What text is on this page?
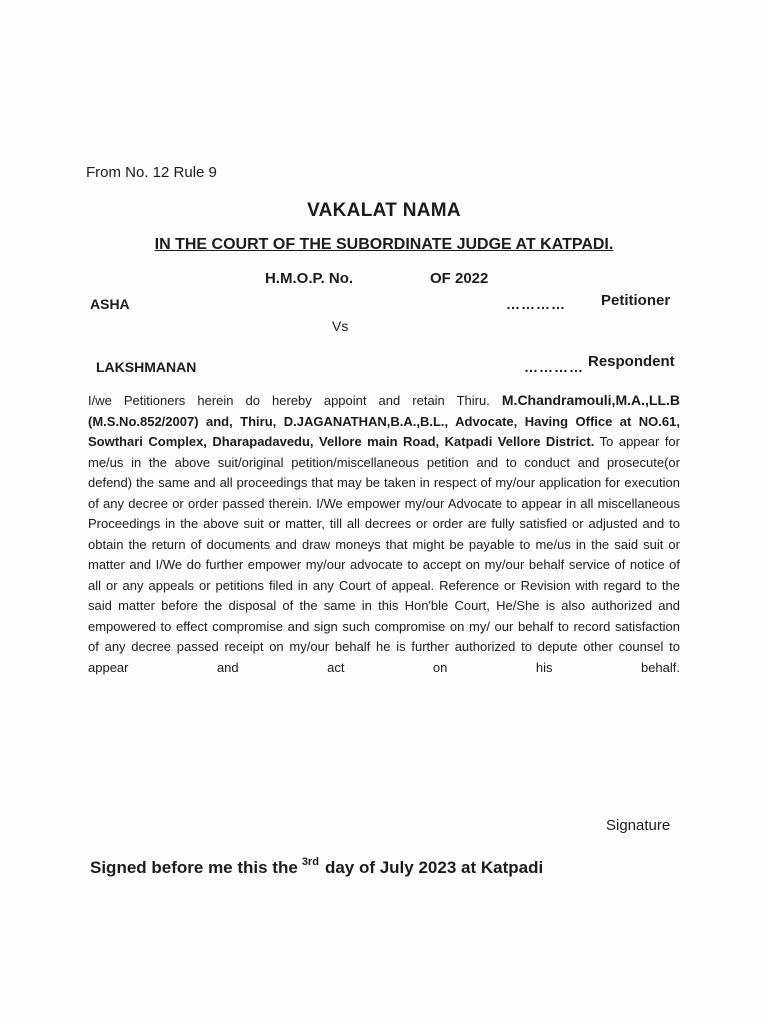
From No. 12 Rule 9
VAKALAT NAMA
IN THE COURT OF THE SUBORDINATE JUDGE AT KATPADI.
H.M.O.P. No.	OF 2022
ASHA	………… Petitioner
Vs
LAKSHMANAN	………… Respondent
I/we Petitioners herein do hereby appoint and retain Thiru. M.Chandramouli,M.A.,LL.B (M.S.No.852/2007) and, Thiru, D.JAGANATHAN,B.A.,B.L., Advocate, Having Office at NO.61, Sowthari Complex, Dharapadavedu, Vellore main Road, Katpadi Vellore District. To appear for me/us in the above suit/original petition/miscellaneous petition and to conduct and prosecute(or defend) the same and all proceedings that may be taken in respect of my/our application for execution of any decree or order passed therein. I/We empower my/our Advocate to appear in all miscellaneous Proceedings in the above suit or matter, till all decrees or order are fully satisfied or adjusted and to obtain the return of documents and draw moneys that might be payable to me/us in the said suit or matter and I/We do further empower my/our advocate to accept on my/our behalf service of notice of all or any appeals or petitions filed in any Court of appeal. Reference or Revision with regard to the said matter before the disposal of the same in this Hon'ble Court, He/She is also authorized and empowered to effect compromise and sign such compromise on my/ our behalf to record satisfaction of any decree passed receipt on my/our behalf he is further authorized to depute other counsel to appear and act on his behalf.
Signature
Signed before me this the $^{3rd}$ day of July 2023 at Katpadi
